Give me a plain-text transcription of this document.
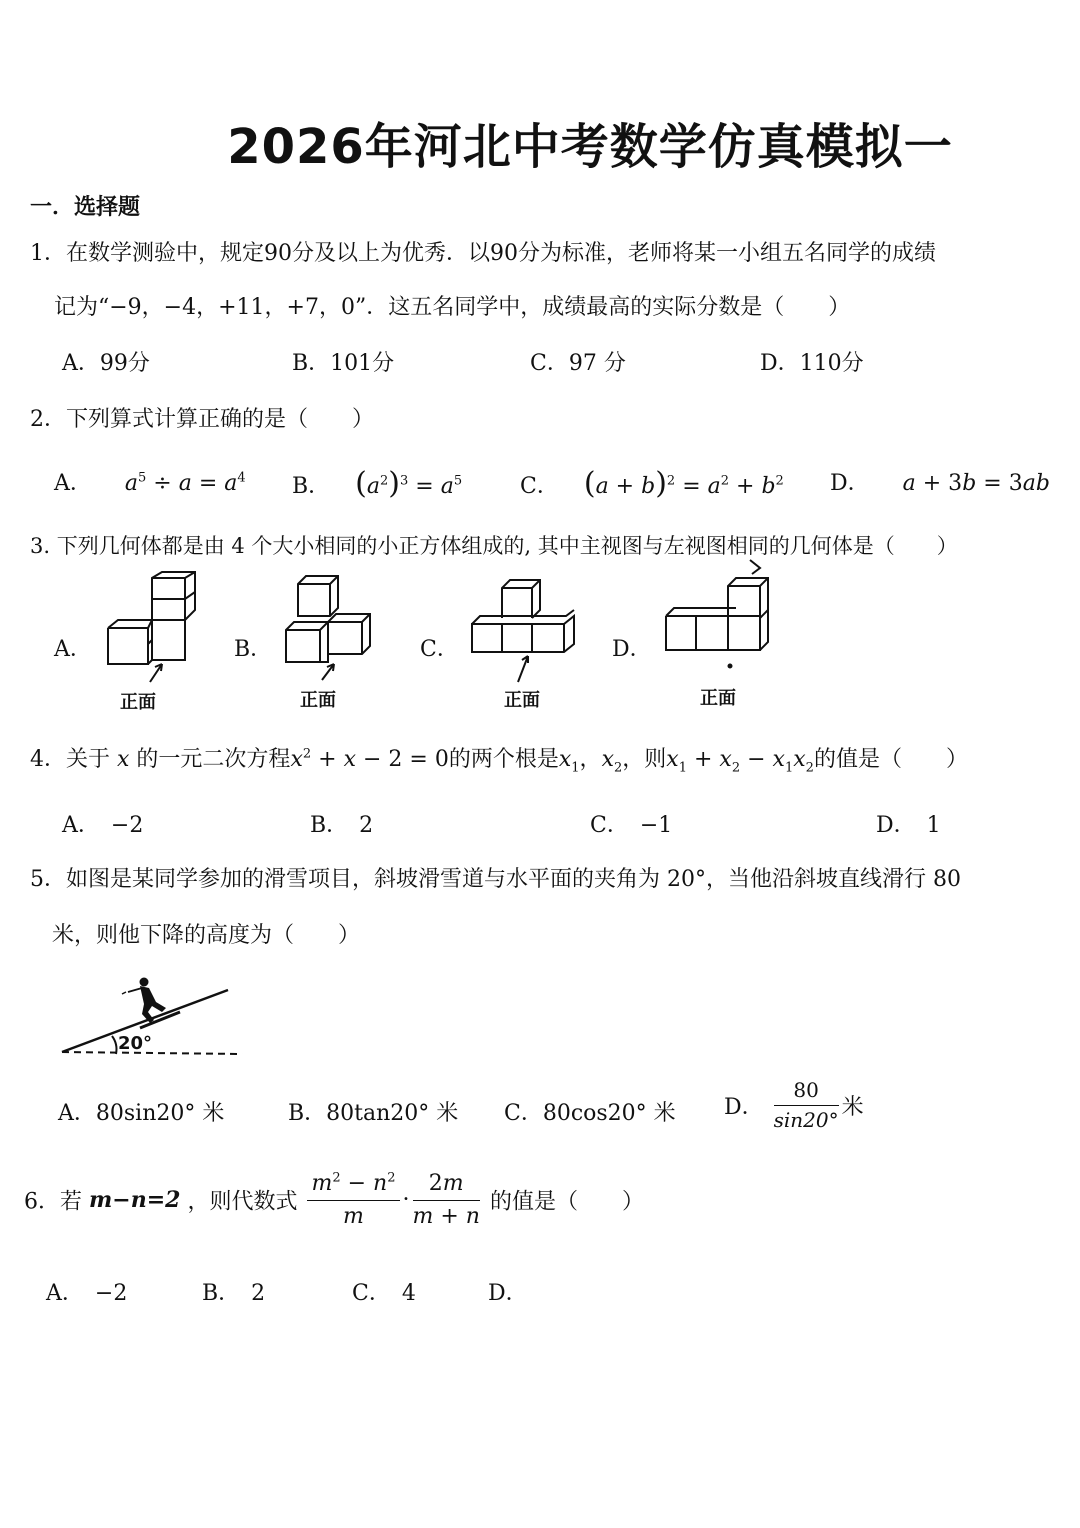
2026年河北中考数学仿真模拟一
一．选择题
1．在数学测验中，规定90分及以上为优秀．以90分为标准，老师将某一小组五名同学的成绩
记为“−9，−4，+11，+7，0”．这五名同学中，成绩最高的实际分数是（　　）
A．99分	B．101分	C．97 分	D．110分
2．下列算式计算正确的是（　　）
A． $a^5 \div a = a^4$ B． $(a^2)^3 = a^5$	C． $(a + b)^2 = a^2 + b^2$ D． a + 3b = 3ab
3. 下列几何体都是由 4 个大小相同的小正方体组成的, 其中主视图与左视图相同的几何体是（　　）
A．	B．	C．	D．
正面	正面	正面	正面
4．关于 x 的一元二次方程$x^2 + x - 2 = 0$的两个根是$x_1$，$x_2$，则$x_1 + x_2 - x_1x_2$的值是（　　）
A．　−2	B．　2	C．　−1	D．　1
5．如图是某同学参加的滑雪项目，斜坡滑雪道与水平面的夹角为 20°，当他沿斜坡直线滑行 80
米，则他下降的高度为（　　）
20°
A．80sin20° 米	B．80tan20° 米 C．80cos20° 米 D． $\frac{80}{\sin 20^\circ}$ 米
6．若 m−n=2 ，则代数式 $\frac{m^2 - n^2}{m} \cdot \frac{2m}{m + n}$ 的值是（　　）
A．　−2	B．　2	C．　4	D．
